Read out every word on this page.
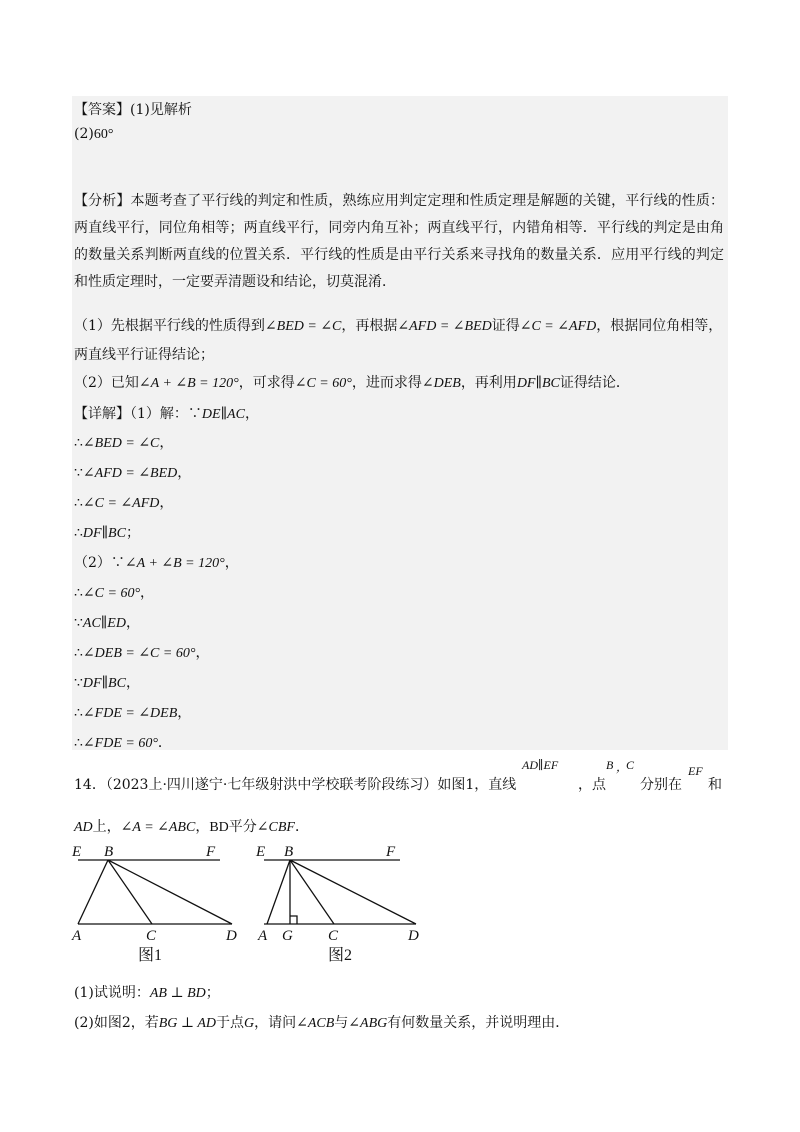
【答案】(1)见解析
(2)60°
【分析】本题考查了平行线的判定和性质，熟练应用判定定理和性质定理是解题的关键，平行线的性质：两直线平行，同位角相等；两直线平行，同旁内角互补；两直线平行，内错角相等．平行线的判定是由角的数量关系判断两直线的位置关系．平行线的性质是由平行关系来寻找角的数量关系．应用平行线的判定和性质定理时，一定要弄清题设和结论，切莫混淆．
（1）先根据平行线的性质得到∠BED = ∠C，再根据∠AFD = ∠BED证得∠C = ∠AFD，根据同位角相等，
两直线平行证得结论；
（2）已知∠A + ∠B = 120°，可求得∠C = 60°，进而求得∠DEB，再利用DF∥BC证得结论．
【详解】（1）解：∵DE∥AC，
∴∠BED = ∠C，
∵∠AFD = ∠BED，
∴∠C = ∠AFD，
∴DF∥BC；
（2）∵∠A + ∠B = 120°，
∴∠C = 60°，
∵AC∥ED，
∴∠DEB = ∠C = 60°，
∵DF∥BC，
∴∠FDE = ∠DEB，
∴∠FDE = 60°．
14．（2023上·四川遂宁·七年级射洪中学校联考阶段练习）如图1，直线
AD∥EF
，点
B ，
C
分别在
EF
和
AD上，∠A = ∠ABC，BD平分∠CBF．
E B	F
A	C	D
图1
E B	F
A G C	D
图2
(1)试说明：AB ⊥ BD；
(2)如图2，若BG ⊥ AD于点G，请问∠ACB与∠ABG有何数量关系，并说明理由．
